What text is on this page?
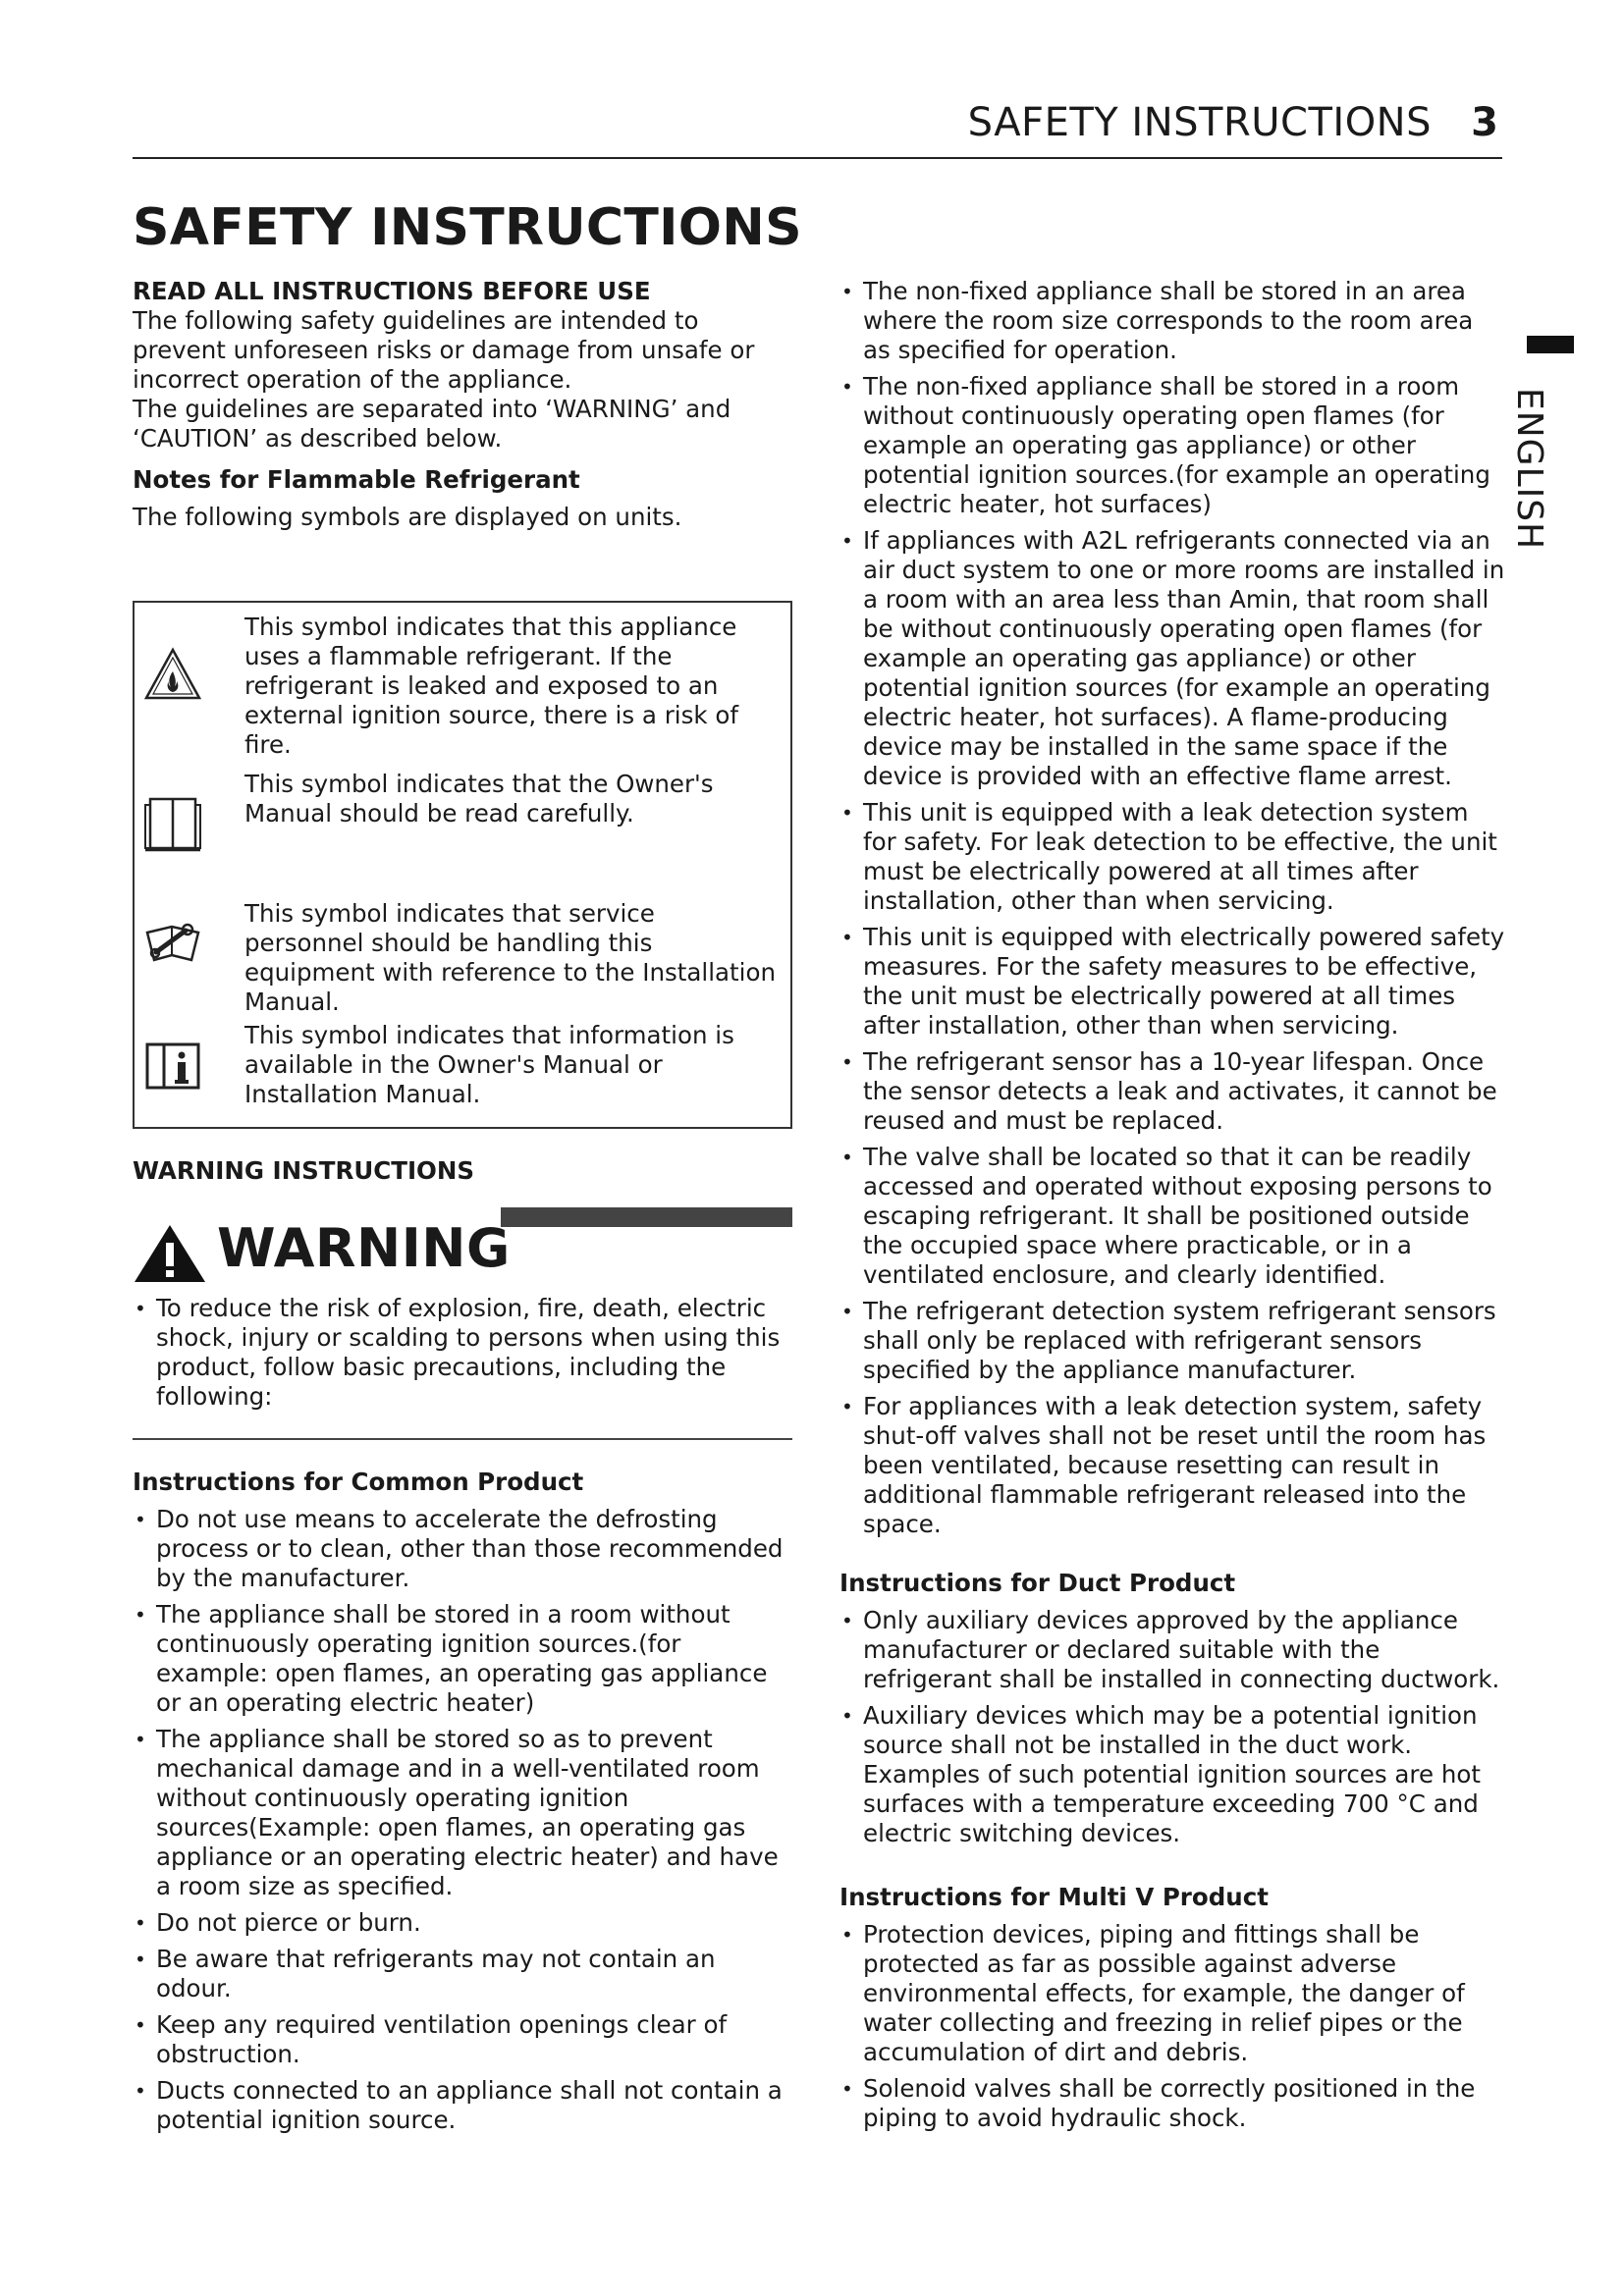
SAFETY INSTRUCTIONS 3
ENGLISH
SAFETY INSTRUCTIONS

READ ALL INSTRUCTIONS BEFORE USE

The following safety guidelines are intended to prevent unforeseen risks or damage from unsafe or incorrect operation of the appliance.

The guidelines are separated into ‘WARNING’ and ‘CAUTION’ as described below.

Notes for Flammable Refrigerant

The following symbols are displayed on units.

This symbol indicates that this appliance uses a flammable refrigerant. If the refrigerant is leaked and exposed to an external ignition source, there is a risk of fire.
This symbol indicates that the Owner's Manual should be read carefully.
This symbol indicates that service personnel should be handling this equipment with reference to the Installation Manual.
This symbol indicates that information is available in the Owner's Manual or Installation Manual.
WARNING INSTRUCTIONS
WARNING
• To reduce the risk of explosion, fire, death, electric shock, injury or scalding to persons when using this product, follow basic precautions, including the following:

Instructions for Common Product

• Do not use means to accelerate the defrosting process or to clean, other than those recommended by the manufacturer.
• The appliance shall be stored in a room without continuously operating ignition sources.(for example: open flames, an operating gas appliance or an operating electric heater)
• The appliance shall be stored so as to prevent mechanical damage and in a well-ventilated room without continuously operating ignition sources(Example: open flames, an operating gas appliance or an operating electric heater) and have a room size as specified.
• Do not pierce or burn.
• Be aware that refrigerants may not contain an odour.
• Keep any required ventilation openings clear of obstruction.
• Ducts connected to an appliance shall not contain a potential ignition source.
• The non-fixed appliance shall be stored in an area where the room size corresponds to the room area as specified for operation.
• The non-fixed appliance shall be stored in a room without continuously operating open flames (for example an operating gas appliance) or other potential ignition sources.(for example an operating electric heater, hot surfaces)
• If appliances with A2L refrigerants connected via an air duct system to one or more rooms are installed in a room with an area less than Amin, that room shall be without continuously operating open flames (for example an operating gas appliance) or other potential ignition sources (for example an operating electric heater, hot surfaces). A flame-producing device may be installed in the same space if the device is provided with an effective flame arrest.
• This unit is equipped with a leak detection system for safety. For leak detection to be effective, the unit must be electrically powered at all times after installation, other than when servicing.
• This unit is equipped with electrically powered safety measures. For the safety measures to be effective, the unit must be electrically powered at all times after installation, other than when servicing.
• The refrigerant sensor has a 10-year lifespan. Once the sensor detects a leak and activates, it cannot be reused and must be replaced.
• The valve shall be located so that it can be readily accessed and operated without exposing persons to escaping refrigerant. It shall be positioned outside the occupied space where practicable, or in a ventilated enclosure, and clearly identified.
• The refrigerant detection system refrigerant sensors shall only be replaced with refrigerant sensors specified by the appliance manufacturer.
• For appliances with a leak detection system, safety shut-off valves shall not be reset until the room has been ventilated, because resetting can result in additional flammable refrigerant released into the space.

Instructions for Duct Product

• Only auxiliary devices approved by the appliance manufacturer or declared suitable with the refrigerant shall be installed in connecting ductwork.
• Auxiliary devices which may be a potential ignition source shall not be installed in the duct work. Examples of such potential ignition sources are hot surfaces with a temperature exceeding 700 °C and electric switching devices.

Instructions for Multi V Product

• Protection devices, piping and fittings shall be protected as far as possible against adverse environmental effects, for example, the danger of water collecting and freezing in relief pipes or the accumulation of dirt and debris.
• Solenoid valves shall be correctly positioned in the piping to avoid hydraulic shock.
